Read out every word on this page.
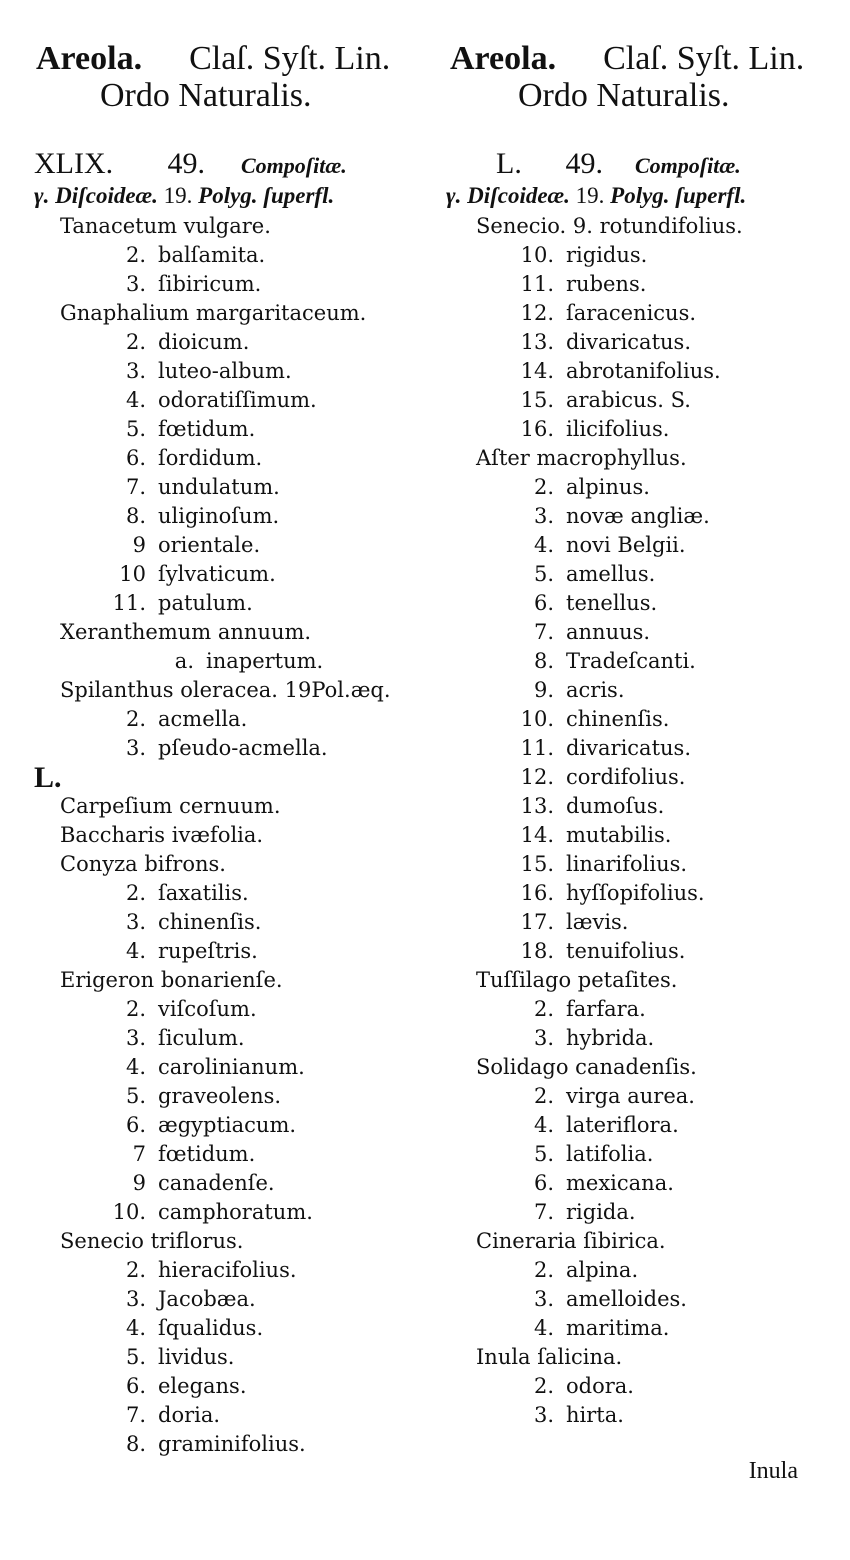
Areola. Claſ. Syſt. Lin.
Ordo Naturalis.
Areola. Claſ. Syſt. Lin.
Ordo Naturalis.
XLIX. 49. Compoſitæ.
γ. Diſcoideæ. 19. Polyg. ſuperfl.
Tanacetum vulgare.
2. balſamita.
3. ſibiricum.
Gnaphalium margaritaceum.
2. dioicum.
3. luteo-album.
4. odoratiſſimum.
5. fœtidum.
6. ſordidum.
7. undulatum.
8. uliginoſum.
9 orientale.
10 ſylvaticum.
11. patulum.
Xeranthemum annuum.
a. inapertum.
Spilanthus oleracea. 19Pol.æq.
2. acmella.
3. pſeudo-acmella.
L.
Carpeſium cernuum.
Baccharis ivæfolia.
Conyza bifrons.
2. ſaxatilis.
3. chinenſis.
4. rupeſtris.
Erigeron bonarienſe.
2. viſcoſum.
3. ſiculum.
4. carolinianum.
5. graveolens.
6. ægyptiacum.
7 fœtidum.
9 canadenſe.
10. camphoratum.
Senecio triflorus.
2. hieracifolius.
3. Jacobæa.
4. ſqualidus.
5. lividus.
6. elegans.
7. doria.
8. graminifolius.
L. 49. Compoſitæ.
γ. Diſcoideæ. 19. Polyg. ſuperfl.
Senecio. 9. rotundifolius.
10. rigidus.
11. rubens.
12. ſaracenicus.
13. divaricatus.
14. abrotanifolius.
15. arabicus. S.
16. ilicifolius.
Aſter macrophyllus.
2. alpinus.
3. novæ angliæ.
4. novi Belgii.
5. amellus.
6. tenellus.
7. annuus.
8. Tradeſcanti.
9. acris.
10. chinenſis.
11. divaricatus.
12. cordifolius.
13. dumoſus.
14. mutabilis.
15. linarifolius.
16. hyſſopifolius.
17. lævis.
18. tenuifolius.
Tuſſilago petaſites.
2. farfara.
3. hybrida.
Solidago canadenſis.
2. virga aurea.
4. lateriflora.
5. latifolia.
6. mexicana.
7. rigida.
Cineraria ſibirica.
2. alpina.
3. amelloides.
4. maritima.
Inula ſalicina.
2. odora.
3. hirta.
Inula
